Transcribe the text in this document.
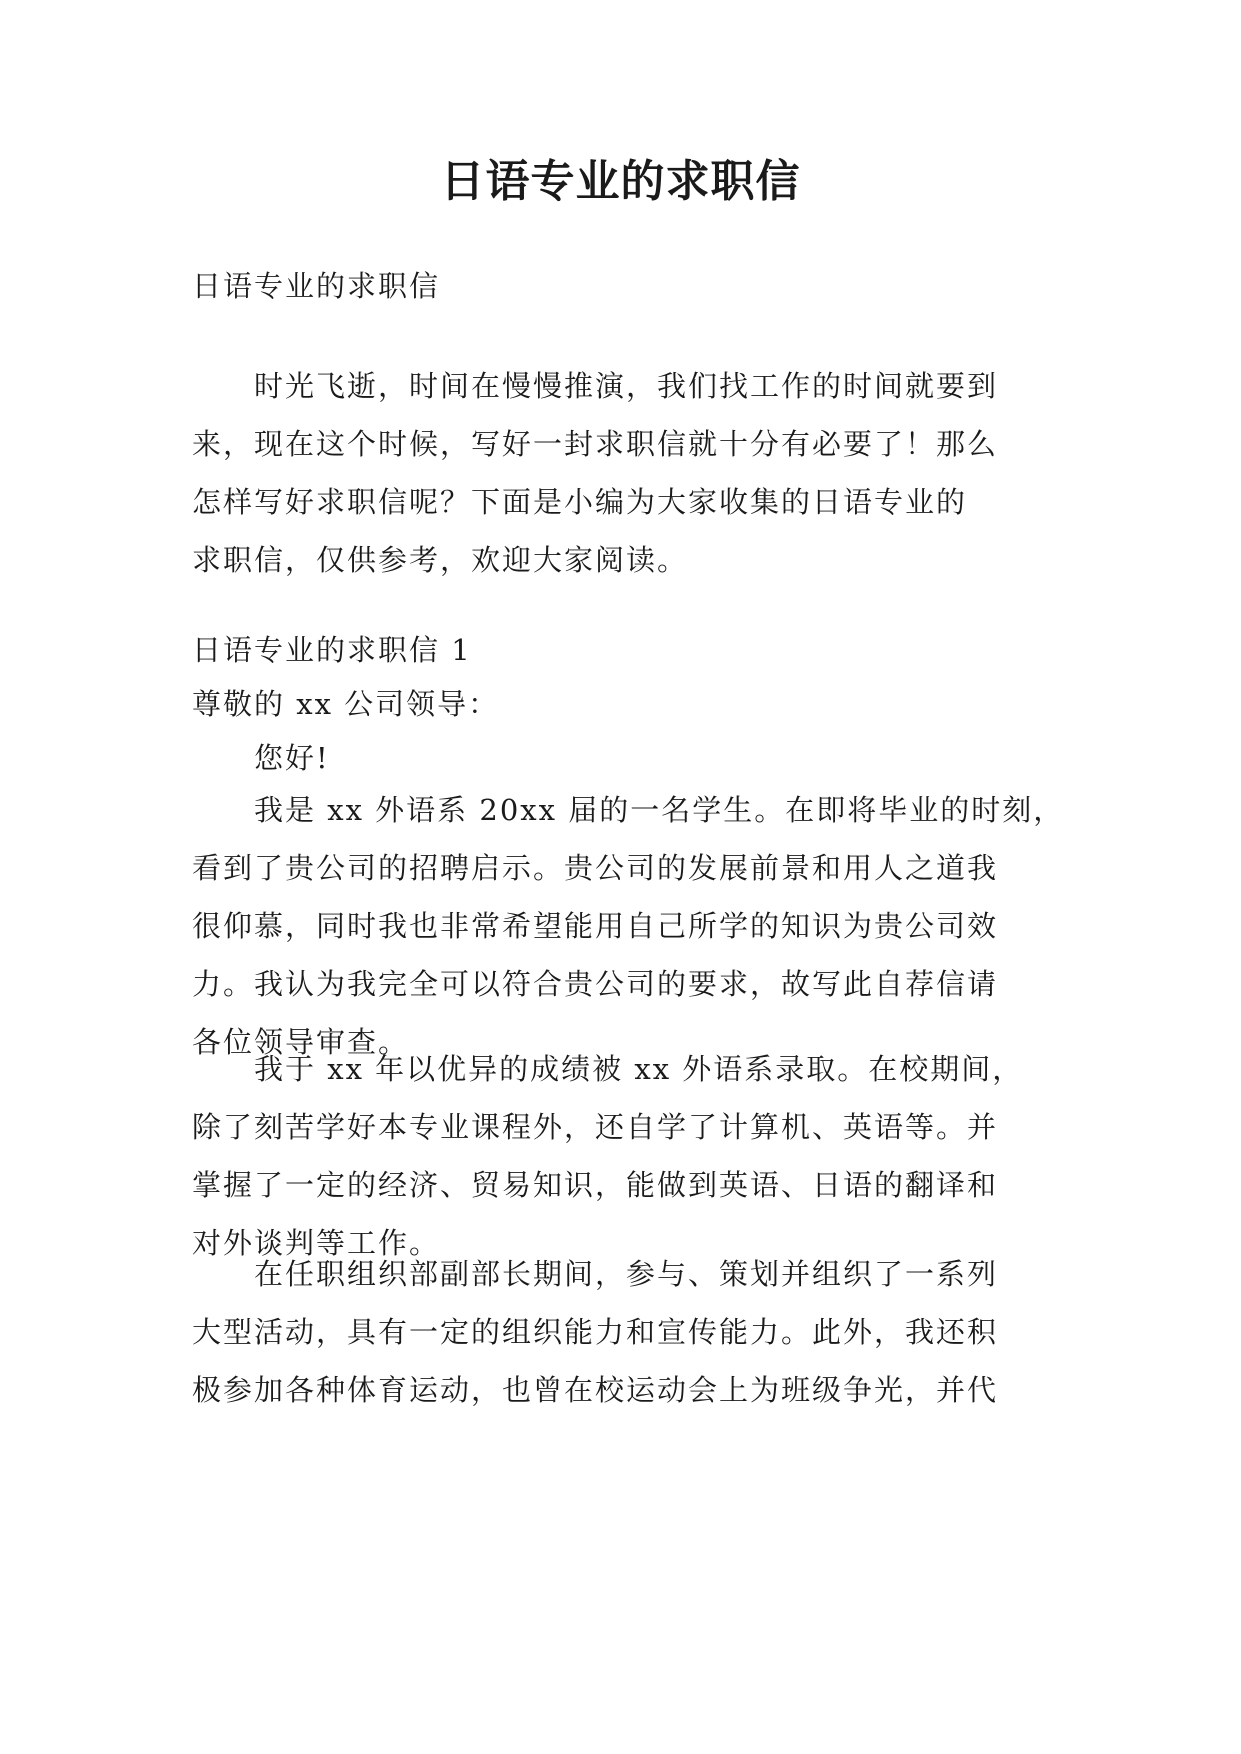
日语专业的求职信

日语专业的求职信

时光飞逝，时间在慢慢推演，我们找工作的时间就要到
来，现在这个时候，写好一封求职信就十分有必要了！那么
怎样写好求职信呢？下面是小编为大家收集的日语专业的
求职信，仅供参考，欢迎大家阅读。

日语专业的求职信 1

尊敬的 xx 公司领导：

您好!

我是 xx 外语系 20xx 届的一名学生。在即将毕业的时刻，
看到了贵公司的招聘启示。贵公司的发展前景和用人之道我
很仰慕，同时我也非常希望能用自己所学的知识为贵公司效
力。我认为我完全可以符合贵公司的要求，故写此自荐信请
各位领导审查。
我于 xx 年以优异的成绩被 xx 外语系录取。在校期间，
除了刻苦学好本专业课程外，还自学了计算机、英语等。并
掌握了一定的经济、贸易知识，能做到英语、日语的翻译和
对外谈判等工作。
在任职组织部副部长期间，参与、策划并组织了一系列
大型活动，具有一定的组织能力和宣传能力。此外，我还积
极参加各种体育运动，也曾在校运动会上为班级争光，并代
